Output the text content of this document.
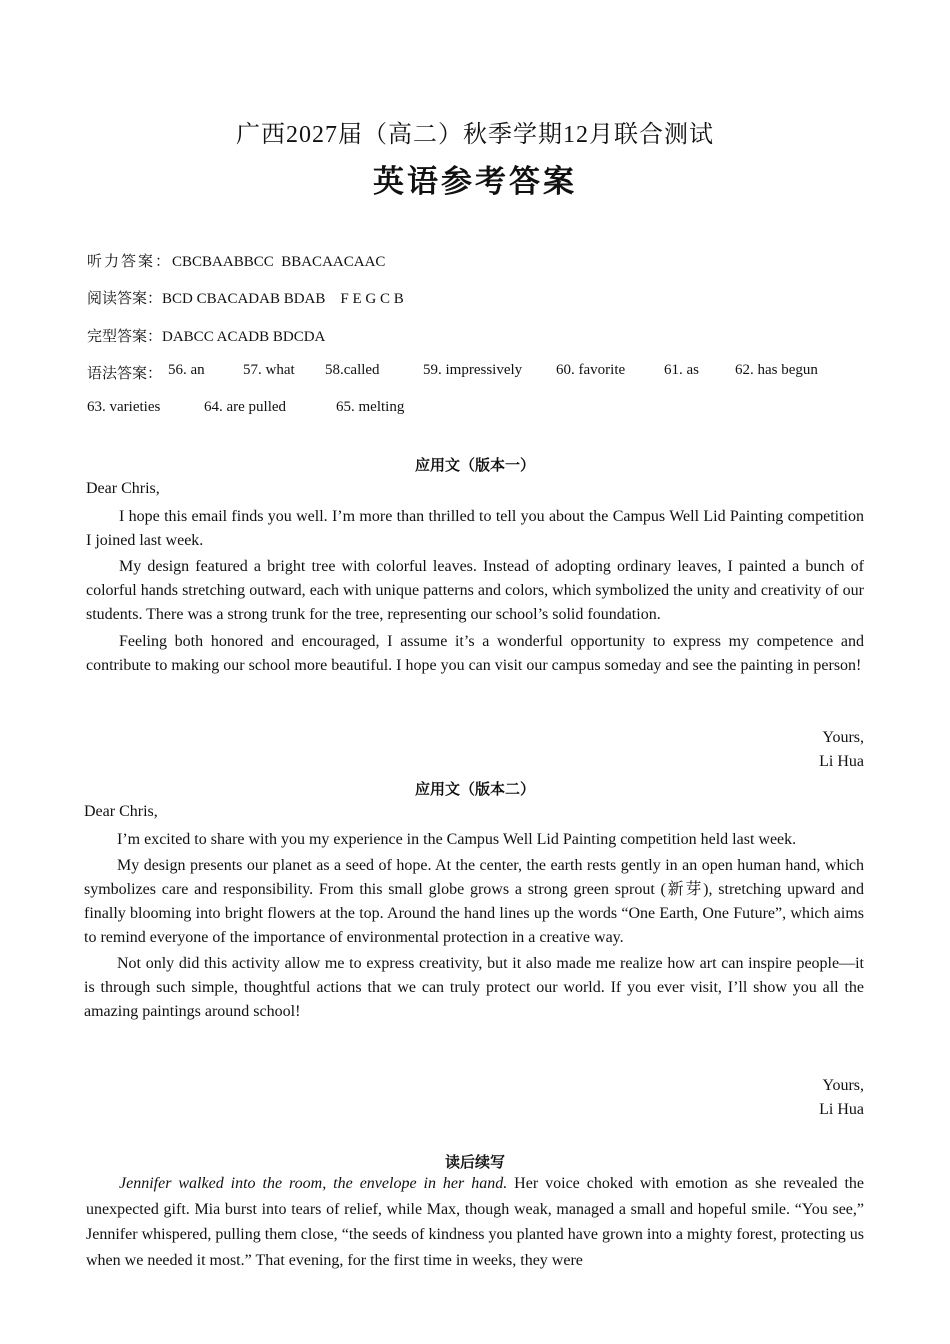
广西2027届（高二）秋季学期12月联合测试
英语参考答案
听力答案：CBCBAABBCC  BBACAACAAC
阅读答案：BCD CBACADAB BDAB    F E G C B
完型答案：DABCC ACADB BDCDA
语法答案： 56. an	57. what 58.called	59. impressively 60. favorite	61. as 62. has begun
63. varieties	64. are pulled	65. melting
应用文（版本一）

Dear Chris,

I hope this email finds you well. I’m more than thrilled to tell you about the Campus Well Lid Painting competition I joined last week.

My design featured a bright tree with colorful leaves. Instead of adopting ordinary leaves, I painted a bunch of colorful hands stretching outward, each with unique patterns and colors, which symbolized the unity and creativity of our students. There was a strong trunk for the tree, representing our school’s solid foundation.

Feeling both honored and encouraged, I assume it’s a wonderful opportunity to express my competence and contribute to making our school more beautiful. I hope you can visit our campus someday and see the painting in person!

Yours,
Li Hua
应用文（版本二）

Dear Chris,

I’m excited to share with you my experience in the Campus Well Lid Painting competition held last week.

My design presents our planet as a seed of hope. At the center, the earth rests gently in an open human hand, which symbolizes care and responsibility. From this small globe grows a strong green sprout (新芽), stretching upward and finally blooming into bright flowers at the top. Around the hand lines up the words “One Earth, One Future”, which aims to remind everyone of the importance of environmental protection in a creative way.

Not only did this activity allow me to express creativity, but it also made me realize how art can inspire people—it is through such simple, thoughtful actions that we can truly protect our world. If you ever visit, I’ll show you all the amazing paintings around school!

Yours,
Li Hua
读后续写

Jennifer walked into the room, the envelope in her hand. Her voice choked with emotion as she revealed the unexpected gift. Mia burst into tears of relief, while Max, though weak, managed a small and hopeful smile. “You see,” Jennifer whispered, pulling them close, “the seeds of kindness you planted have grown into a mighty forest, protecting us when we needed it most.” That evening, for the first time in weeks, they were
